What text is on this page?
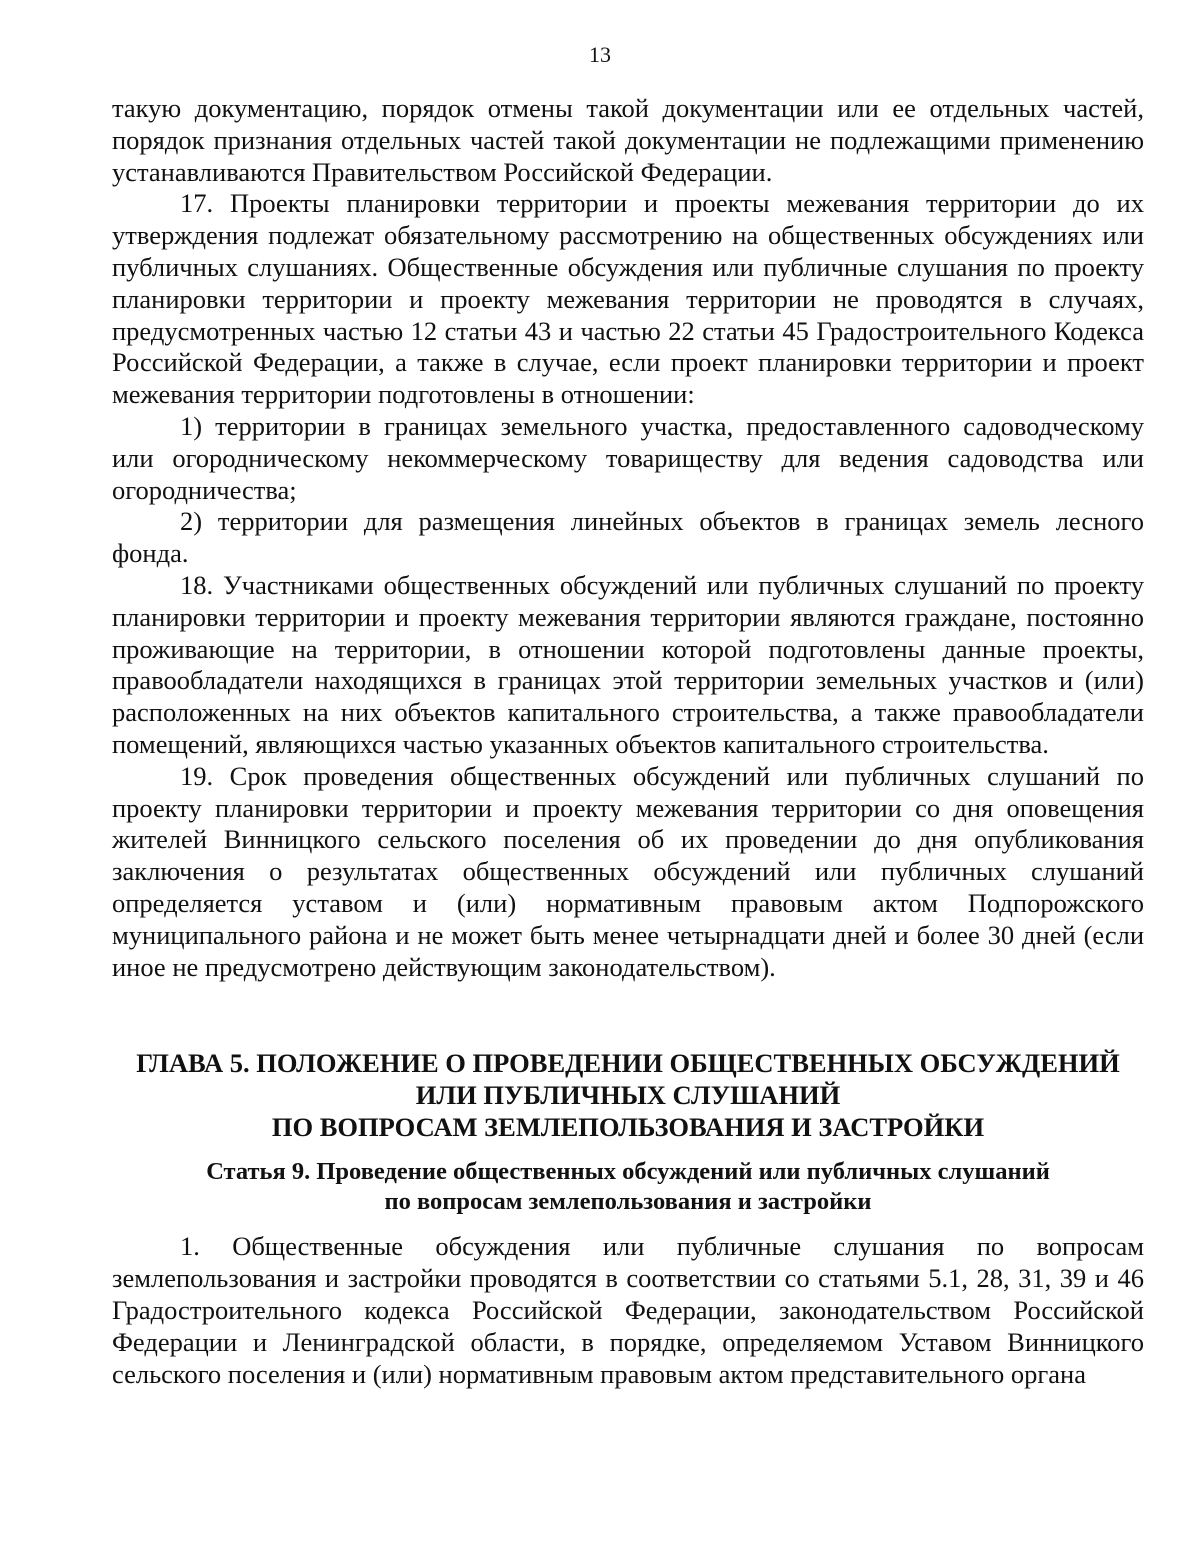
13

такую документацию, порядок отмены такой документации или ее отдельных частей, порядок признания отдельных частей такой документации не подлежащими применению устанавливаются Правительством Российской Федерации.

17. Проекты планировки территории и проекты межевания территории до их утверждения подлежат обязательному рассмотрению на общественных обсуждениях или публичных слушаниях. Общественные обсуждения или публичные слушания по проекту планировки территории и проекту межевания территории не проводятся в случаях, предусмотренных частью 12 статьи 43 и частью 22 статьи 45 Градостроительного Кодекса Российской Федерации, а также в случае, если проект планировки территории и проект межевания территории подготовлены в отношении:

1) территории в границах земельного участка, предоставленного садоводческому или огородническому некоммерческому товариществу для ведения садоводства или огородничества;

2) территории для размещения линейных объектов в границах земель лесного фонда.

18. Участниками общественных обсуждений или публичных слушаний по проекту планировки территории и проекту межевания территории являются граждане, постоянно проживающие на территории, в отношении которой подготовлены данные проекты, правообладатели находящихся в границах этой территории земельных участков и (или) расположенных на них объектов капитального строительства, а также правообладатели помещений, являющихся частью указанных объектов капитального строительства.

19. Срок проведения общественных обсуждений или публичных слушаний по проекту планировки территории и проекту межевания территории со дня оповещения жителей Винницкого сельского поселения об их проведении до дня опубликования заключения о результатах общественных обсуждений или публичных слушаний определяется уставом и (или) нормативным правовым актом Подпорожского муниципального района и не может быть менее четырнадцати дней и более 30 дней (если иное не предусмотрено действующим законодательством).

ГЛАВА 5. ПОЛОЖЕНИЕ О ПРОВЕДЕНИИ ОБЩЕСТВЕННЫХ ОБСУЖДЕНИЙ
ИЛИ ПУБЛИЧНЫХ СЛУШАНИЙ
ПО ВОПРОСАМ ЗЕМЛЕПОЛЬЗОВАНИЯ И ЗАСТРОЙКИ
Статья 9. Проведение общественных обсуждений или публичных слушаний
по вопросам землепользования и застройки

1. Общественные обсуждения или публичные слушания по вопросам землепользования и застройки проводятся в соответствии со статьями 5.1, 28, 31, 39 и 46 Градостроительного кодекса Российской Федерации, законодательством Российской Федерации и Ленинградской области, в порядке, определяемом Уставом Винницкого сельского поселения и (или) нормативным правовым актом представительного органа
